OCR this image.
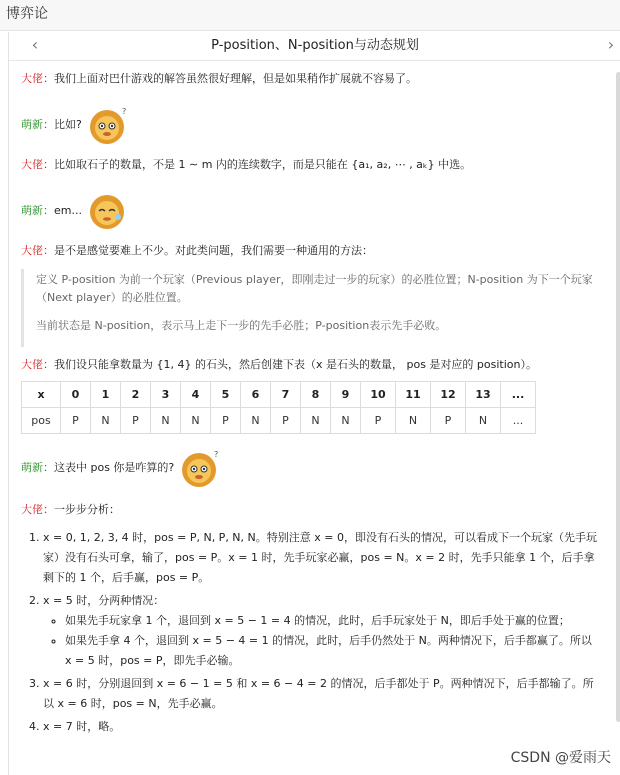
博弈论
‹	P-position、N-position与动态规划	›

大佬：我们上面对巴什游戏的解答虽然很好理解，但是如果稍作扩展就不容易了。

萌新： 比如?
?

大佬：比如取石子的数量，不是 1 ∼ m 内的连续数字，而是只能在 {a₁, a₂, ⋯ , aₖ} 中选。

萌新： em...

大佬：是不是感觉要难上不少。对此类问题，我们需要一种通用的方法：

定义 P-position 为前一个玩家（Previous player，即刚走过一步的玩家）的必胜位置；N-position 为下一个玩家（Next player）的必胜位置。

当前状态是 N-position，表示马上走下一步的先手必胜；P-position表示先手必败。

大佬：我们设只能拿数量为 {1, 4} 的石头，然后创建下表（x 是石头的数量， pos 是对应的 position）。

x	0	1	2	3	4	5	6	7	8	9	10	11	12	13	...
pos	P	N	P	N	N	P	N	P	N	N	P	N	P	N	...
萌新： 这表中 pos 你是咋算的?
?

大佬：一步步分析：

1. x = 0, 1, 2, 3, 4 时，pos = P, N, P, N, N。特别注意 x = 0，即没有石头的情况，可以看成下一个玩家（先手玩家）没有石头可拿，输了，pos = P。x = 1 时，先手玩家必赢，pos = N。x = 2 时，先手只能拿 1 个，后手拿剩下的 1 个，后手赢，pos = P。
2. x = 5 时，分两种情况：
◦ 如果先手玩家拿 1 个，退回到 x = 5 − 1 = 4 的情况，此时，后手玩家处于 N，即后手处于赢的位置；
◦ 如果先手拿 4 个，退回到 x = 5 − 4 = 1 的情况，此时，后手仍然处于 N。两种情况下，后手都赢了。所以 x = 5 时，pos = P，即先手必输。
3. x = 6 时，分别退回到 x = 6 − 1 = 5 和 x = 6 − 4 = 2 的情况，后手都处于 P。两种情况下，后手都输了。所以 x = 6 时，pos = N，先手必赢。
4. x = 7 时，略。
CSDN @爱雨天
